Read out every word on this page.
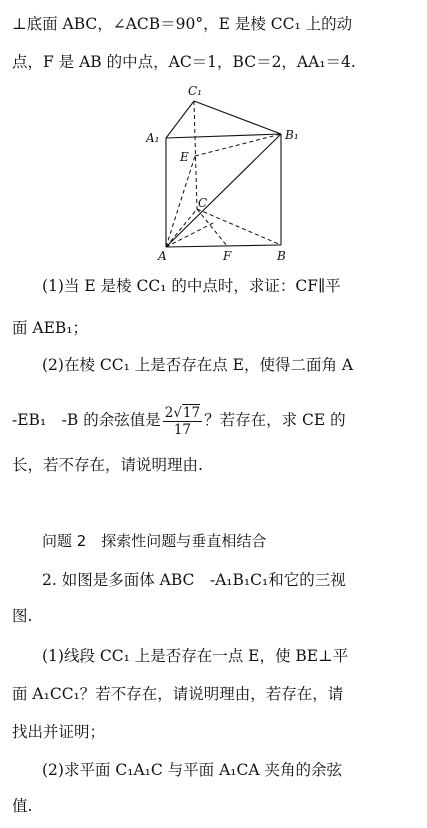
⊥底面 ABC，∠ACB＝90°，E 是棱 CC₁ 上的动
点，F 是 AB 的中点，AC＝1，BC＝2，AA₁＝4.
C₁
A₁	B₁
E
C
A	F	B
(1)当 E 是棱 CC₁ 的中点时，求证：CF∥平
面 AEB₁；
(2)在棱 CC₁ 上是否存在点 E，使得二面角 A
-EB₁　-B 的余弦值是 $\frac{2√17}{17}$ ？若存在，求 CE 的
长，若不存在，请说明理由.
问题 2　探索性问题与垂直相结合
2. 如图是多面体 ABC　-A₁B₁C₁和它的三视
图.
(1)线段 CC₁ 上是否存在一点 E，使 BE⊥平
面 A₁CC₁？若不存在，请说明理由，若存在，请
找出并证明；
(2)求平面 C₁A₁C 与平面 A₁CA 夹角的余弦
值.
